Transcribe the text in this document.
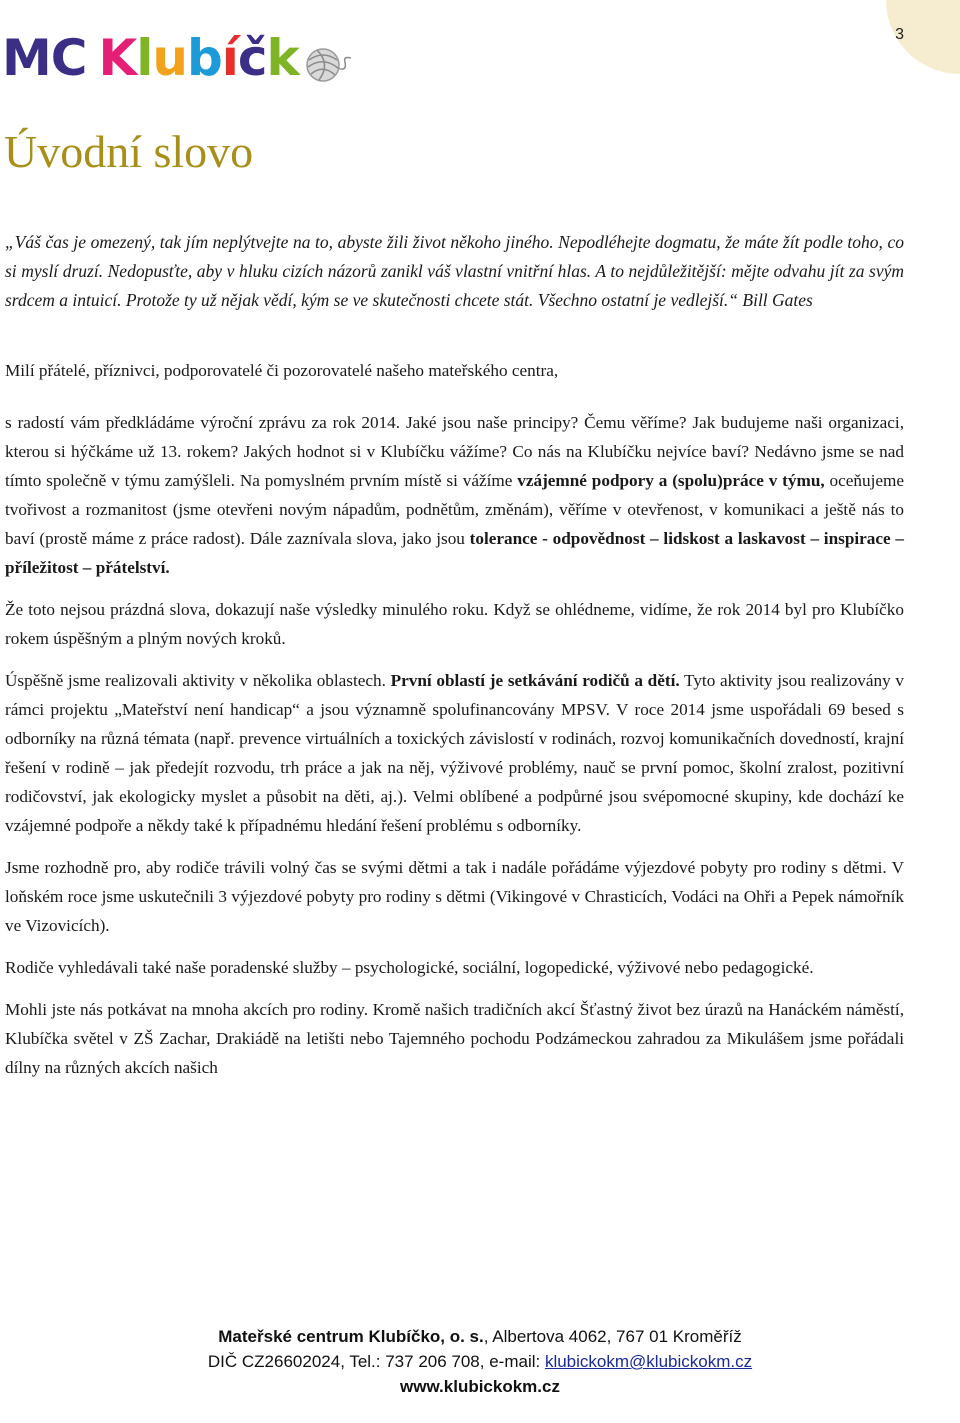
3
MC K l u b í č k
Úvodní slovo

„Váš čas je omezený, tak jím neplýtvejte na to, abyste žili život někoho jiného. Nepodléhejte dogmatu, že máte žít podle toho, co si myslí druzí. Nedopusťte, aby v hluku cizích názorů zanikl váš vlastní vnitřní hlas. A to nejdůležitější: mějte odvahu jít za svým srdcem a intuicí. Protože ty už nějak vědí, kým se ve skutečnosti chcete stát. Všechno ostatní je vedlejší.“ Bill Gates

Milí přátelé, příznivci, podporovatelé či pozorovatelé našeho mateřského centra,

s radostí vám předkládáme výroční zprávu za rok 2014. Jaké jsou naše principy? Čemu věříme? Jak budujeme naši organizaci, kterou si hýčkáme už 13. rokem? Jakých hodnot si v Klubíčku vážíme? Co nás na Klubíčku nejvíce baví? Nedávno jsme se nad tímto společně v týmu zamýšleli. Na pomyslném prvním místě si vážíme vzájemné podpory a (spolu)práce v týmu, oceňujeme tvořivost a rozmanitost (jsme otevřeni novým nápadům, podnětům, změnám), věříme v otevřenost, v komunikaci a ještě nás to baví (prostě máme z práce radost). Dále zaznívala slova, jako jsou tolerance - odpovědnost – lidskost a laskavost – inspirace – příležitost – přátelství.

Že toto nejsou prázdná slova, dokazují naše výsledky minulého roku. Když se ohlédneme, vidíme, že rok 2014 byl pro Klubíčko rokem úspěšným a plným nových kroků.

Úspěšně jsme realizovali aktivity v několika oblastech. První oblastí je setkávání rodičů a dětí. Tyto aktivity jsou realizovány v rámci projektu „Mateřství není handicap“ a jsou významně spolufinancovány MPSV. V roce 2014 jsme uspořádali 69 besed s odborníky na různá témata (např. prevence virtuálních a toxických závislostí v rodinách, rozvoj komunikačních dovedností, krajní řešení v rodině – jak předejít rozvodu, trh práce a jak na něj, výživové problémy, nauč se první pomoc, školní zralost, pozitivní rodičovství, jak ekologicky myslet a působit na děti, aj.). Velmi oblíbené a podpůrné jsou svépomocné skupiny, kde dochází ke vzájemné podpoře a někdy také k případnému hledání řešení problému s odborníky.

Jsme rozhodně pro, aby rodiče trávili volný čas se svými dětmi a tak i nadále pořádáme výjezdové pobyty pro rodiny s dětmi. V loňském roce jsme uskutečnili 3 výjezdové pobyty pro rodiny s dětmi (Vikingové v Chrasticích, Vodáci na Ohři a Pepek námořník ve Vizovicích).

Rodiče vyhledávali také naše poradenské služby – psychologické, sociální, logopedické, výživové nebo pedagogické.

Mohli jste nás potkávat na mnoha akcích pro rodiny. Kromě našich tradičních akcí Šťastný život bez úrazů na Hanáckém náměstí, Klubíčka světel v ZŠ Zachar, Drakiádě na letišti nebo Tajemného pochodu Podzámeckou zahradou za Mikulášem jsme pořádali dílny na různých akcích našich

Mateřské centrum Klubíčko, o. s., Albertova 4062, 767 01 Kroměříž
DIČ CZ26602024, Tel.: 737 206 708, e-mail: klubickokm@klubickokm.cz
www.klubickokm.cz
